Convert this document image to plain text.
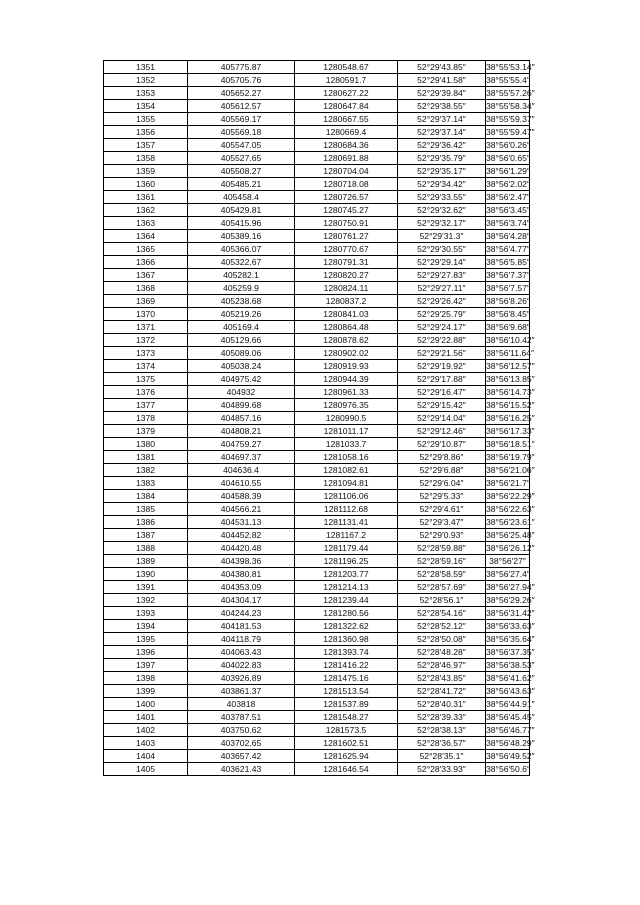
1351	405775.87	1280548.67	52°29′43.85″	38°55′53.14″
1352	405705.76	1280591.7	52°29′41.58″	38°55′55.4″
1353	405652.27	1280627.22	52°29′39.84″	38°55′57.26″
1354	405612.57	1280647.84	52°29′38.55″	38°55′58.34″
1355	405569.17	1280667.55	52°29′37.14″	38°55′59.37″
1356	405569.18	1280669.4	52°29′37.14″	38°55′59.47″
1357	405547.05	1280684.36	52°29′36.42″	38°56′0.26″
1358	405527.65	1280691.88	52°29′35.79″	38°56′0.65″
1359	405508.27	1280704.04	52°29′35.17″	38°56′1.29″
1360	405485.21	1280718.08	52°29′34.42″	38°56′2.02″
1361	405458.4	1280726.57	52°29′33.55″	38°56′2.47″
1362	405429.81	1280745.27	52°29′32.62″	38°56′3.45″
1363	405415.96	1280750.91	52°29′32.17″	38°56′3.74″
1364	405389.16	1280761.27	52°29′31.3″	38°56′4.28″
1365	405366.07	1280770.67	52°29′30.55″	38°56′4.77″
1366	405322.67	1280791.31	52°29′29.14″	38°56′5.85″
1367	405282.1	1280820.27	52°29′27.83″	38°56′7.37″
1368	405259.9	1280824.11	52°29′27.11″	38°56′7.57″
1369	405238.68	1280837.2	52°29′26.42″	38°56′8.26″
1370	405219.26	1280841.03	52°29′25.79″	38°56′8.45″
1371	405169.4	1280864.48	52°29′24.17″	38°56′9.68″
1372	405129.66	1280878.62	52°29′22.88″	38°56′10.42″
1373	405089.06	1280902.02	52°29′21.56″	38°56′11.64″
1374	405038.24	1280919.93	52°29′19.92″	38°56′12.57″
1375	404975.42	1280944.39	52°29′17.88″	38°56′13.85″
1376	404932	1280961.33	52°29′16.47″	38°56′14.73″
1377	404899.68	1280976.35	52°29′15.42″	38°56′15.52″
1378	404857.16	1280990.5	52°29′14.04″	38°56′16.25″
1379	404808.21	1281011.17	52°29′12.46″	38°56′17.33″
1380	404759.27	1281033.7	52°29′10.87″	38°56′18.51″
1381	404697.37	1281058.16	52°29′8.86″	38°56′19.79″
1382	404636.4	1281082.61	52°29′6.88″	38°56′21.06″
1383	404610.55	1281094.81	52°29′6.04″	38°56′21.7″
1384	404588.39	1281106.06	52°29′5.33″	38°56′22.29″
1385	404566.21	1281112.68	52°29′4.61″	38°56′22.63″
1386	404531.13	1281131.41	52°29′3.47″	38°56′23.61″
1387	404452.82	1281167.2	52°29′0.93″	38°56′25.48″
1388	404420.48	1281179.44	52°28′59.88″	38°56′26.12″
1389	404398.36	1281196.25	52°28′59.16″	38°56′27″
1390	404380.81	1281203.77	52°28′58.59″	38°56′27.4″
1391	404353.09	1281214.13	52°28′57.69″	38°56′27.94″
1392	404304.17	1281239.44	52°28′56.1″	38°56′29.26″
1393	404244.23	1281280.56	52°28′54.16″	38°56′31.42″
1394	404181.53	1281322.62	52°28′52.12″	38°56′33.63″
1395	404118.79	1281360.98	52°28′50.08″	38°56′35.64″
1396	404063.43	1281393.74	52°28′48.28″	38°56′37.35″
1397	404022.83	1281416.22	52°28′46.97″	38°56′38.53″
1398	403926.89	1281475.16	52°28′43.85″	38°56′41.62″
1399	403861.37	1281513.54	52°28′41.72″	38°56′43.63″
1400	403818	1281537.89	52°28′40.31″	38°56′44.91″
1401	403787.51	1281548.27	52°28′39.33″	38°56′45.45″
1402	403750.62	1281573.5	52°28′38.13″	38°56′46.77″
1403	403702.65	1281602.51	52°28′36.57″	38°56′48.29″
1404	403657.42	1281625.94	52°28′35.1″	38°56′49.52″
1405	403621.43	1281646.54	52°28′33.93″	38°56′50.6″
